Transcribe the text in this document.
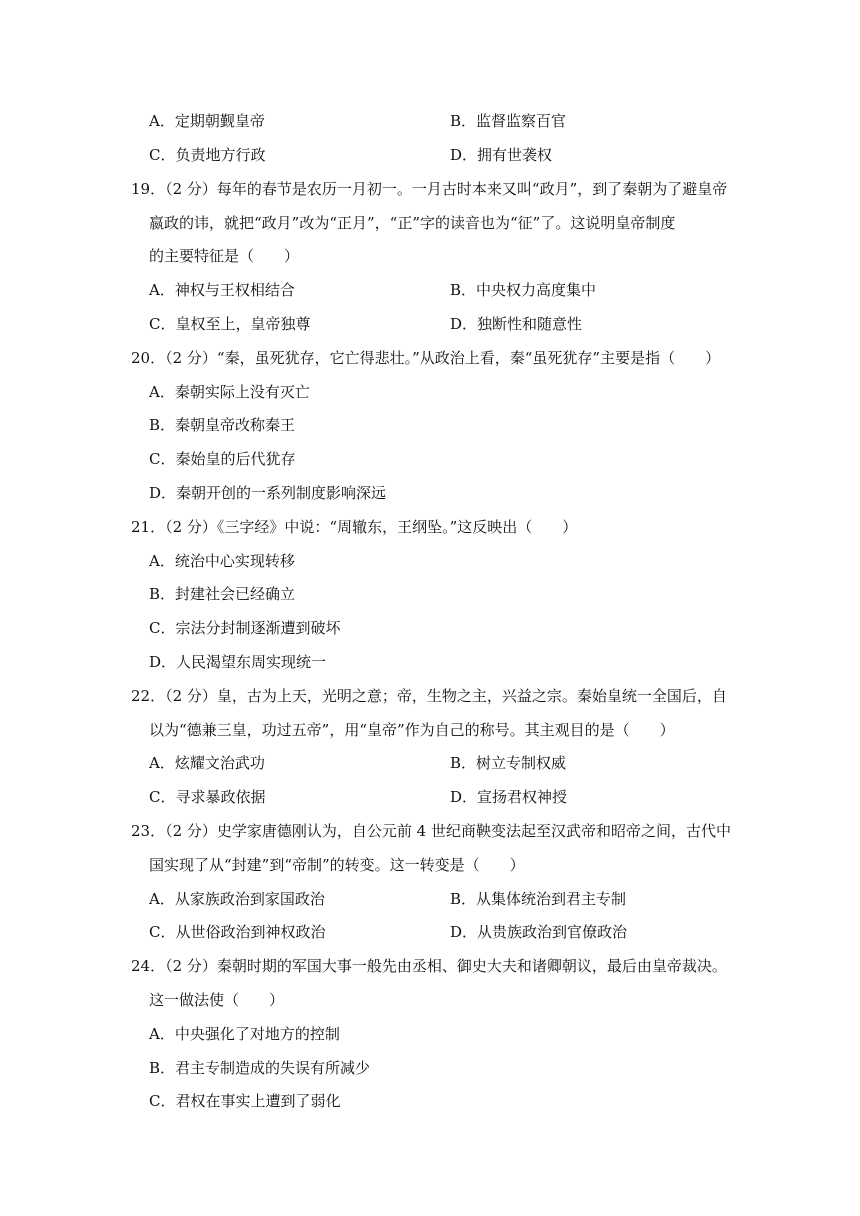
A．定期朝觐皇帝	B．监督监察百官
C．负责地方行政	D．拥有世袭权
19．（2 分）每年的春节是农历一月初一。一月古时本来又叫“政月”，到了秦朝为了避皇帝
嬴政的讳，就把“政月”改为“正月”，“正”字的读音也为“征”了。这说明皇帝制度
的主要特征是（　　）
A．神权与王权相结合	B．中央权力高度集中
C．皇权至上，皇帝独尊	D．独断性和随意性
20．（2 分）“秦，虽死犹存，它亡得悲壮。”从政治上看，秦“虽死犹存”主要是指（　　）
A．秦朝实际上没有灭亡
B．秦朝皇帝改称秦王
C．秦始皇的后代犹存
D．秦朝开创的一系列制度影响深远
21．（2 分）《三字经》中说：“周辙东，王纲坠。”这反映出（　　）
A．统治中心实现转移
B．封建社会已经确立
C．宗法分封制逐渐遭到破坏
D．人民渴望东周实现统一
22．（2 分）皇，古为上天，光明之意；帝，生物之主，兴益之宗。秦始皇统一全国后，自
以为“德兼三皇，功过五帝”，用“皇帝”作为自己的称号。其主观目的是（　　）
A．炫耀文治武功	B．树立专制权威
C．寻求暴政依据	D．宣扬君权神授
23．（2 分）史学家唐德刚认为，自公元前 4 世纪商鞅变法起至汉武帝和昭帝之间，古代中
国实现了从“封建”到“帝制”的转变。这一转变是（　　）
A．从家族政治到家国政治	B．从集体统治到君主专制
C．从世俗政治到神权政治	D．从贵族政治到官僚政治
24．（2 分）秦朝时期的军国大事一般先由丞相、御史大夫和诸卿朝议，最后由皇帝裁决。
这一做法使（　　）
A．中央强化了对地方的控制
B．君主专制造成的失误有所减少
C．君权在事实上遭到了弱化
